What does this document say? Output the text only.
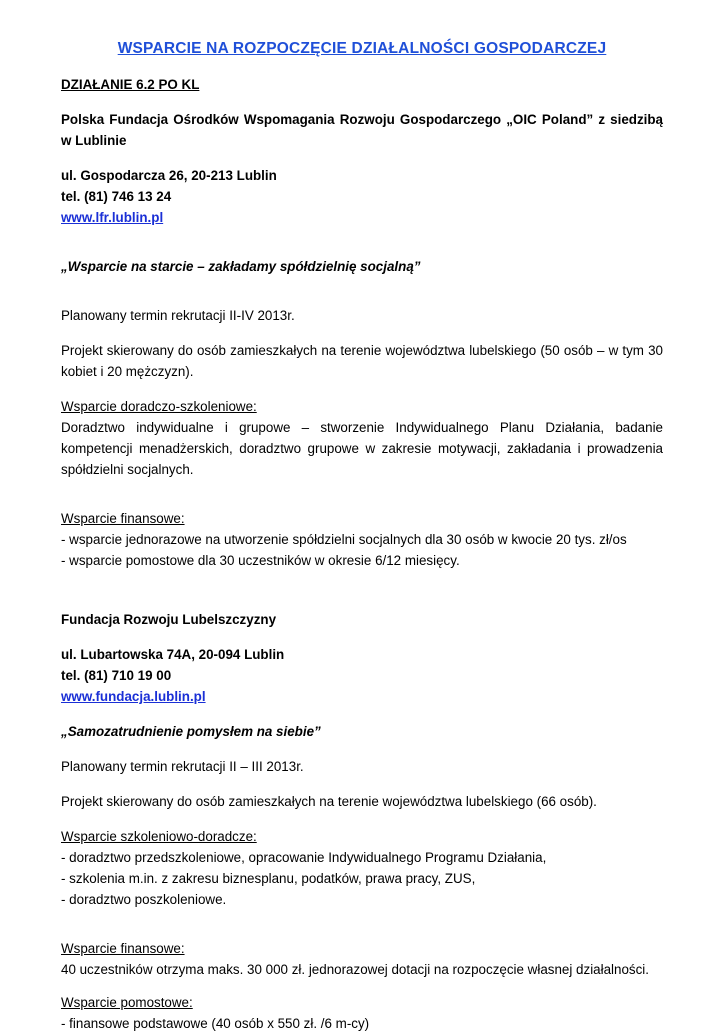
WSPARCIE NA ROZPOCZĘCIE DZIAŁALNOŚCI GOSPODARCZEJ

DZIAŁANIE 6.2 PO KL

Polska Fundacja Ośrodków Wspomagania Rozwoju Gospodarczego „OIC Poland” z siedzibą w Lublinie

ul. Gospodarcza 26, 20-213 Lublin

tel. (81) 746 13 24

www.lfr.lublin.pl

„Wsparcie na starcie – zakładamy spółdzielnię socjalną”

Planowany termin rekrutacji II-IV 2013r.

Projekt skierowany do osób zamieszkałych na terenie województwa lubelskiego (50 osób – w tym 30 kobiet i 20 mężczyzn).

Wsparcie doradczo-szkoleniowe:

Doradztwo indywidualne i grupowe – stworzenie Indywidualnego Planu Działania, badanie kompetencji menadżerskich, doradztwo grupowe w zakresie motywacji, zakładania i prowadzenia spółdzielni socjalnych.

Wsparcie finansowe:

- wsparcie jednorazowe na utworzenie spółdzielni socjalnych dla 30 osób w kwocie 20 tys. zł/os

- wsparcie pomostowe dla 30 uczestników w okresie 6/12 miesięcy.

Fundacja Rozwoju Lubelszczyzny

ul. Lubartowska 74A, 20-094 Lublin

tel. (81) 710 19 00

www.fundacja.lublin.pl

„Samozatrudnienie pomysłem na siebie”

Planowany termin rekrutacji II – III 2013r.

Projekt skierowany do osób zamieszkałych na terenie województwa lubelskiego (66 osób).

Wsparcie szkoleniowo-doradcze:

- doradztwo przedszkoleniowe, opracowanie Indywidualnego Programu Działania,

- szkolenia m.in. z zakresu biznesplanu, podatków, prawa pracy, ZUS,

- doradztwo poszkoleniowe.

Wsparcie finansowe:

40 uczestników otrzyma maks. 30 000 zł. jednorazowej dotacji na rozpoczęcie własnej działalności.

Wsparcie pomostowe:

- finansowe podstawowe (40 osób x 550 zł. /6 m-cy)
